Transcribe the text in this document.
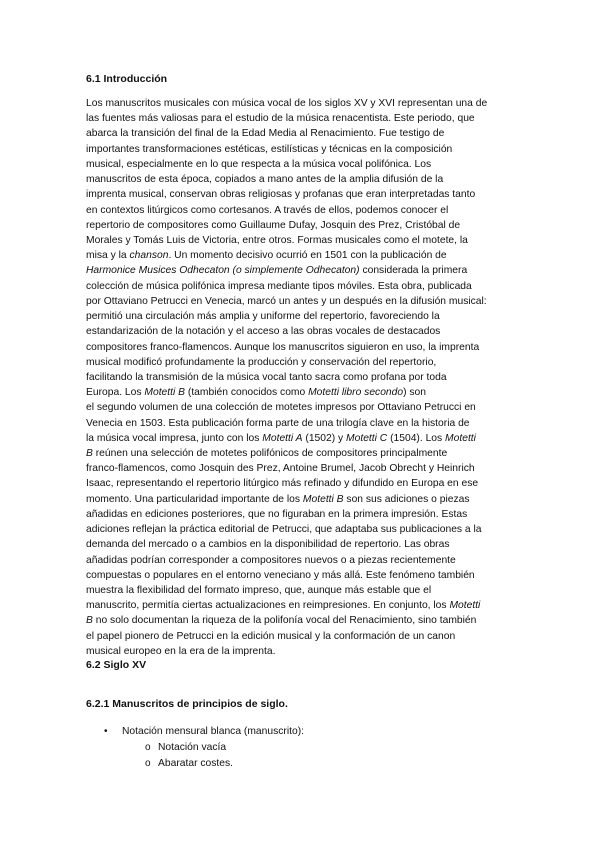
6.1 Introducción
Los manuscritos musicales con música vocal de los siglos XV y XVI representan una de
las fuentes más valiosas para el estudio de la música renacentista. Este periodo, que
abarca la transición del final de la Edad Media al Renacimiento. Fue testigo de
importantes transformaciones estéticas, estilísticas y técnicas en la composición
musical, especialmente en lo que respecta a la música vocal polifónica. Los
manuscritos de esta época, copiados a mano antes de la amplia difusión de la
imprenta musical, conservan obras religiosas y profanas que eran interpretadas tanto
en contextos litúrgicos como cortesanos. A través de ellos, podemos conocer el
repertorio de compositores como Guillaume Dufay, Josquin des Prez, Cristóbal de
Morales y Tomás Luis de Victoria, entre otros. Formas musicales como el motete, la
misa y la chanson. Un momento decisivo ocurrió en 1501 con la publicación de
Harmonice Musices Odhecaton (o simplemente Odhecaton) considerada la primera
colección de música polifónica impresa mediante tipos móviles. Esta obra, publicada
por Ottaviano Petrucci en Venecia, marcó un antes y un después en la difusión musical:
permitió una circulación más amplia y uniforme del repertorio, favoreciendo la
estandarización de la notación y el acceso a las obras vocales de destacados
compositores franco-flamencos. Aunque los manuscritos siguieron en uso, la imprenta
musical modificó profundamente la producción y conservación del repertorio,
facilitando la transmisión de la música vocal tanto sacra como profana por toda
Europa. Los Motetti B (también conocidos como Motetti libro secondo) son
el segundo volumen de una colección de motetes impresos por Ottaviano Petrucci en
Venecia en 1503. Esta publicación forma parte de una trilogía clave en la historia de
la música vocal impresa, junto con los Motetti A (1502) y Motetti C (1504). Los Motetti
B reúnen una selección de motetes polifónicos de compositores principalmente
franco-flamencos, como Josquin des Prez, Antoine Brumel, Jacob Obrecht y Heinrich
Isaac, representando el repertorio litúrgico más refinado y difundido en Europa en ese
momento. Una particularidad importante de los Motetti B son sus adiciones o piezas
añadidas en ediciones posteriores, que no figuraban en la primera impresión. Estas
adiciones reflejan la práctica editorial de Petrucci, que adaptaba sus publicaciones a la
demanda del mercado o a cambios en la disponibilidad de repertorio. Las obras
añadidas podrían corresponder a compositores nuevos o a piezas recientemente
compuestas o populares en el entorno veneciano y más allá. Este fenómeno también
muestra la flexibilidad del formato impreso, que, aunque más estable que el
manuscrito, permitía ciertas actualizaciones en reimpresiones. En conjunto, los Motetti
B no solo documentan la riqueza de la polifonía vocal del Renacimiento, sino también
el papel pionero de Petrucci en la edición musical y la conformación de un canon
musical europeo en la era de la imprenta.
6.2 Siglo XV
6.2.1 Manuscritos de principios de siglo.
• Notación mensural blanca (manuscrito):
o Notación vacía
o Abaratar costes.
